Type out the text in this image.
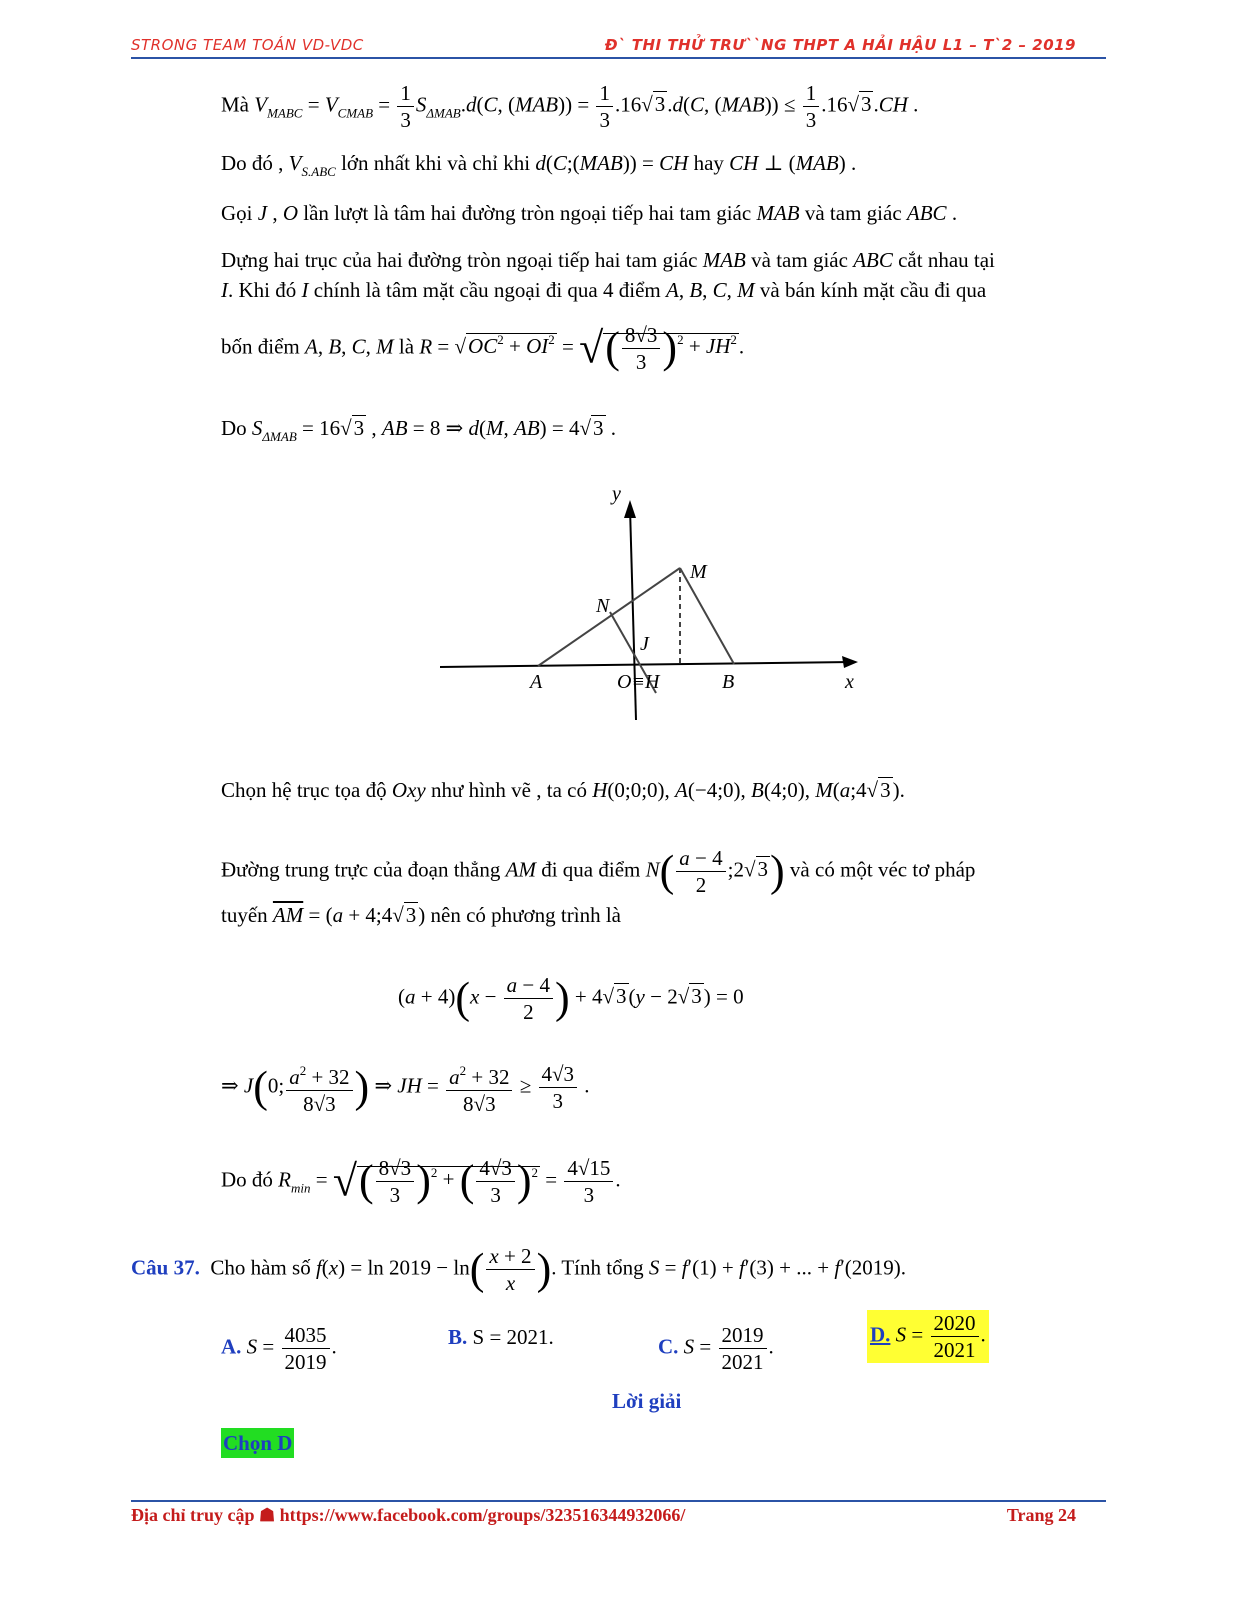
STRONG TEAM TOÁN VD-VDC	Đ` THI THỬ TRƯ``NG THPT A HẢI HẬU L1 – T`2 – 2019
Mà $V_{MABC} = V_{CMAB} = \frac{1}{3} S_{\Delta MAB}.d(C$, $(MAB)) = \frac{1}{3} .16√3.d(C$, $(MAB)) \le \frac{1}{3} .16√3.CH$ .
Do đó , $V_{S.ABC}$ lớn nhất khi và chỉ khi d(C;(MAB)) = CH hay CH ⊥ (MAB) .
Gọi J , O lần lượt là tâm hai đường tròn ngoại tiếp hai tam giác MAB và tam giác ABC .
Dựng hai trục của hai đường tròn ngoại tiếp hai tam giác MAB và tam giác ABC cắt nhau tại
I. Khi đó I chính là tâm mặt cầu ngoại đi qua 4 điểm A, B, C, M và bán kính mặt cầu đi qua
bốn điểm A, B, C, M là $R = √OC^2 + OI^2$ = √( $\frac{8√3}{3} )^2 + JH^2$.
Do $S_{\Delta MAB} = 16√3$ , AB = 8 ⇒ d(M, AB) = 4√3 .
y
M
N
J
A	O≡H	B	x
Chọn hệ trục tọa độ Oxy như hình vẽ , ta có H(0;0;0), A(−4;0), B(4;0), M(a;4√3).
Đường trung trực của đoạn thẳng AM đi qua điểm $N( \frac{a - 4}{2}$ ;2√3) và có một véc tơ pháp
tuyến $\overline{AM} = (a$ + 4;4√3) nên có phương trình là
$(a + 4)(x - \frac{a - 4}{2}$ ) + 4√3(y − 2√3) = 0
⇒ J(0; $\frac{a^2 + 32}{8√3}$ ) ⇒ JH = $\frac{a^2 + 32}{8√3} \ge \frac{4√3}{3}$ .
Do đó $R_{min}$ = √( $\frac{8√3}{3} )^2$ + ( $\frac{4√3}{3} )^2 = \frac{4√15}{3}$ .
Câu 37. Cho hàm số $f(x) = \ln 2019 - \ln( \frac{x + 2}{x}$ ). Tính tổng S = f′(1) + f′(3) + ... + f′(2019).
A. $S = \frac{4035}{2019}$ .	B. S = 2021.	C. $S = \frac{2019}{2021}$ .	D. $S = \frac{2020}{2021}$ .
Lời giải
Chọn D
Địa chỉ truy cập ☗ https://www.facebook.com/groups/323516344932066/	Trang 24
